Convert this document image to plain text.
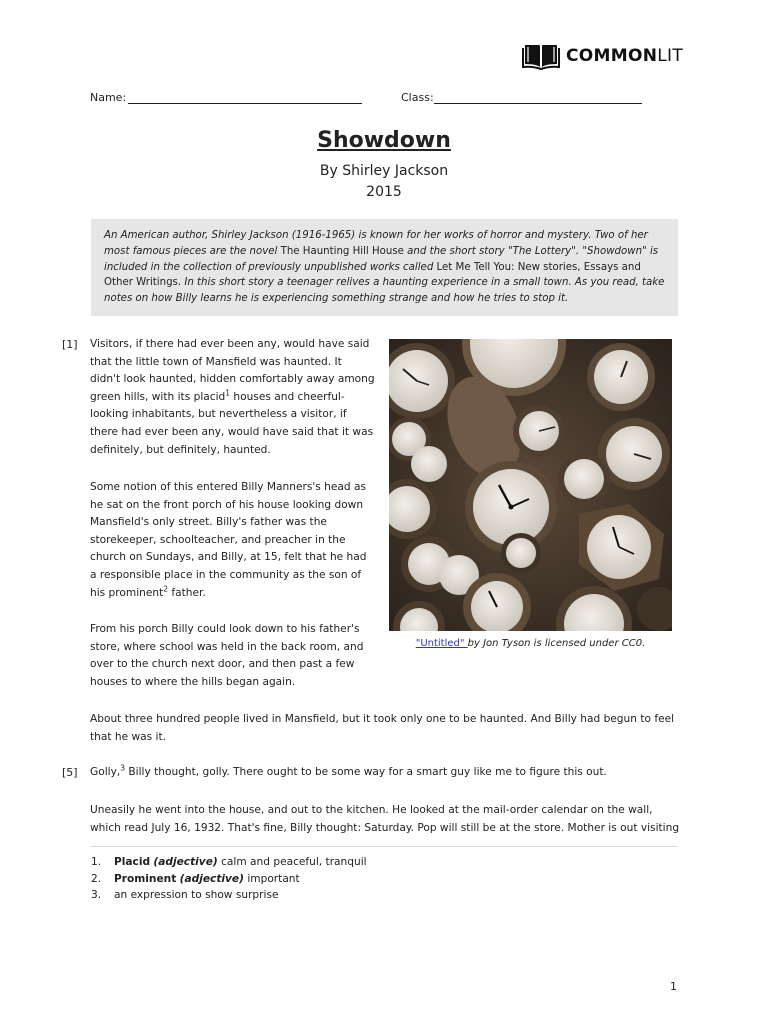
COMMONLIT
Name:	Class:
Showdown
By Shirley Jackson
2015
An American author, Shirley Jackson (1916-1965) is known for her works of horror and mystery. Two of her most famous pieces are the novel The Haunting Hill House and the short story "The Lottery". "Showdown" is included in the collection of previously unpublished works called Let Me Tell You: New stories, Essays and Other Writings. In this short story a teenager relives a haunting experience in a small town. As you read, take notes on how Billy learns he is experiencing something strange and how he tries to stop it.
[1] Visitors, if there had ever been any, would have said that the little town of Mansfield was haunted. It didn't look haunted, hidden comfortably away among green hills, with its placid$^1$ houses and cheerful-looking inhabitants, but nevertheless a visitor, if there had ever been any, would have said that it was definitely, but definitely, haunted.
Some notion of this entered Billy Manners's head as he sat on the front porch of his house looking down Mansfield's only street. Billy's father was the storekeeper, schoolteacher, and preacher in the church on Sundays, and Billy, at 15, felt that he had a responsible place in the community as the son of his prominent$^2$ father.
From his porch Billy could look down to his father's store, where school was held in the back room, and over to the church next door, and then past a few houses to where the hills began again.
"Untitled" by Jon Tyson is licensed under CC0.
About three hundred people lived in Mansfield, but it took only one to be haunted. And Billy had begun to feel that he was it.
[5] Golly,$^3$ Billy thought, golly. There ought to be some way for a smart guy like me to figure this out.
Uneasily he went into the house, and out to the kitchen. He looked at the mail-order calendar on the wall, which read July 16, 1932. That's fine, Billy thought: Saturday. Pop will still be at the store. Mother is out visiting
1. Placid (adjective) calm and peaceful, tranquil
2. Prominent (adjective) important
3. an expression to show surprise
1
